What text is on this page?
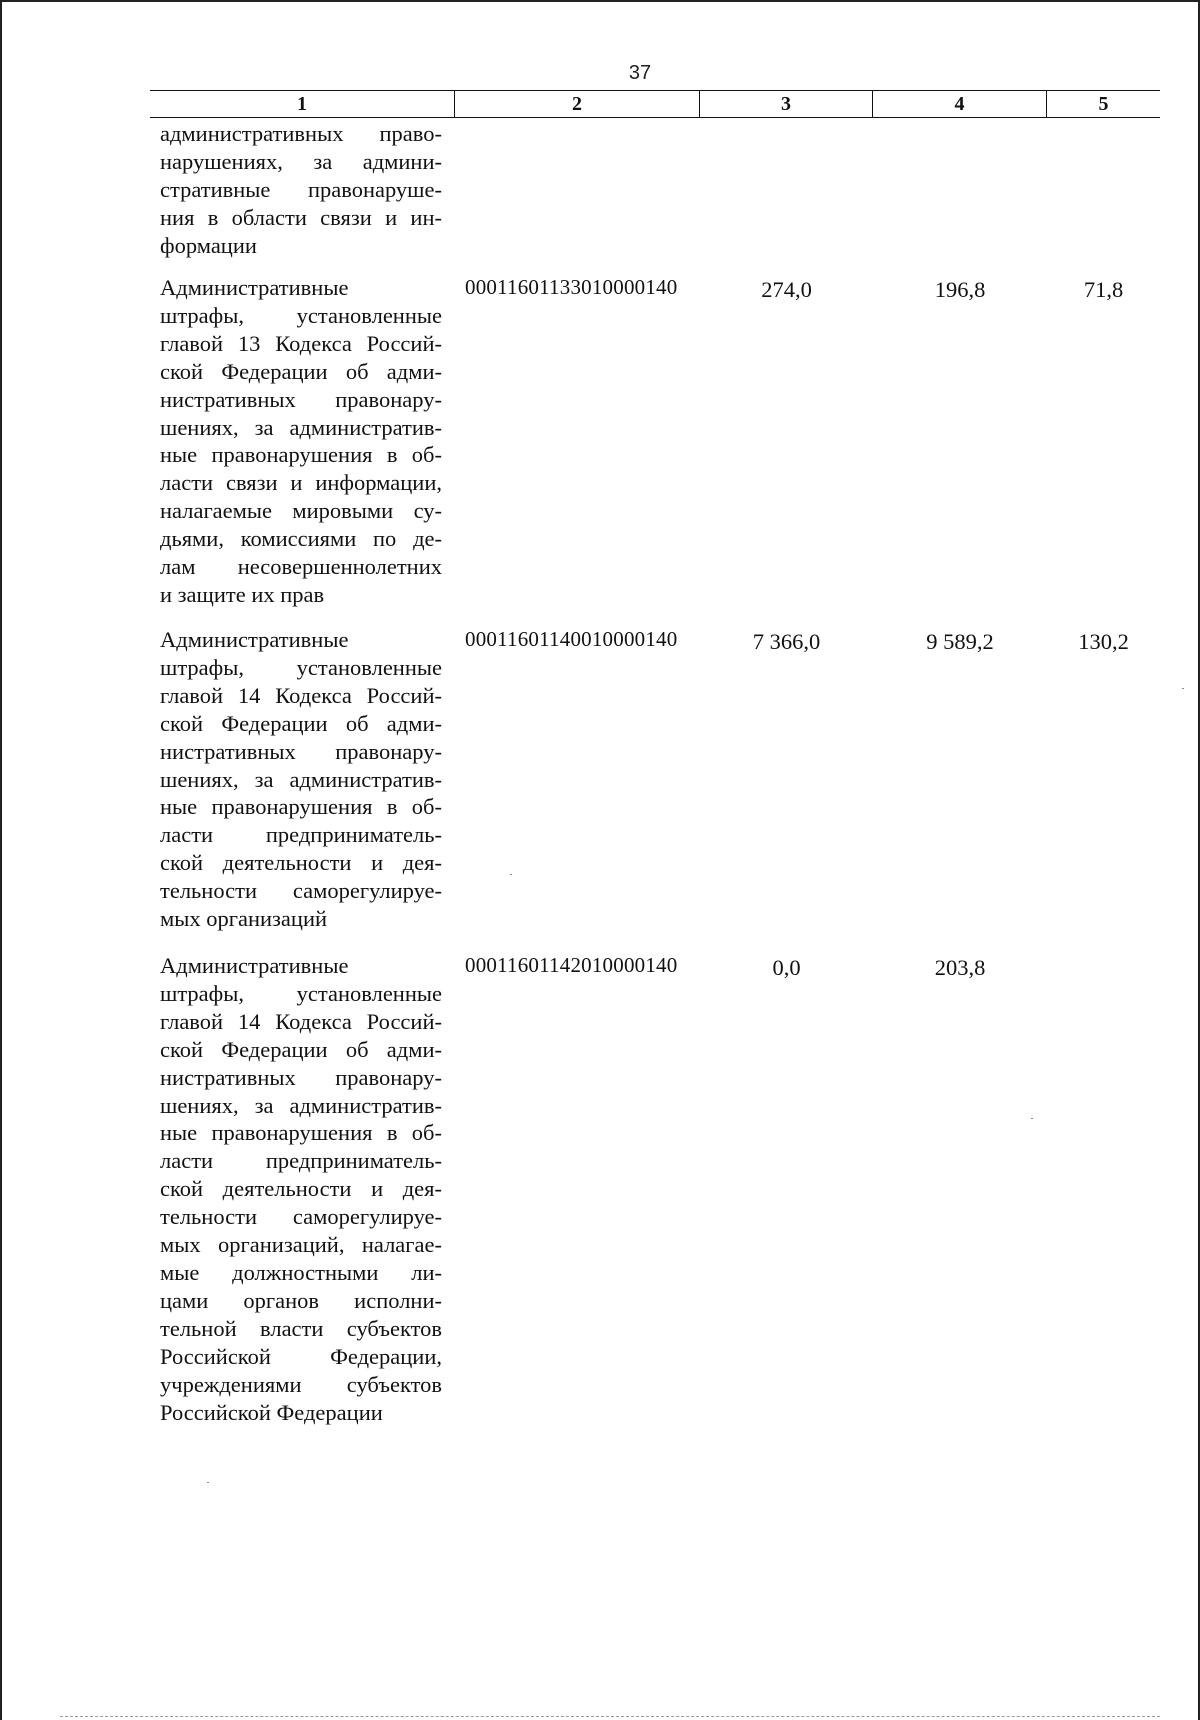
37
1	2	3	4	5
административных право-
нарушениях, за админи-
стративные правонаруше-
ния в области связи и ин-
формации
Административные
штрафы, установленные
главой 13 Кодекса Россий-
ской Федерации об адми-
нистративных правонару-
шениях, за административ-
ные правонарушения в об-
ласти связи и информации,
налагаемые мировыми су-
дьями, комиссиями по де-
лам несовершеннолетних
и защите их прав
00011601133010000140	274,0	196,8	71,8
Административные
штрафы, установленные
главой 14 Кодекса Россий-
ской Федерации об адми-
нистративных правонару-
шениях, за административ-
ные правонарушения в об-
ласти предприниматель-
ской деятельности и дея-
тельности саморегулируе-
мых организаций
00011601140010000140	7 366,0	9 589,2	130,2
Административные
штрафы, установленные
главой 14 Кодекса Россий-
ской Федерации об адми-
нистративных правонару-
шениях, за административ-
ные правонарушения в об-
ласти предприниматель-
ской деятельности и дея-
тельности саморегулируе-
мых организаций, налагае-
мые должностными ли-
цами органов исполни-
тельной власти субъектов
Российской Федерации,
учреждениями субъектов
Российской Федерации
00011601142010000140	0,0	203,8
